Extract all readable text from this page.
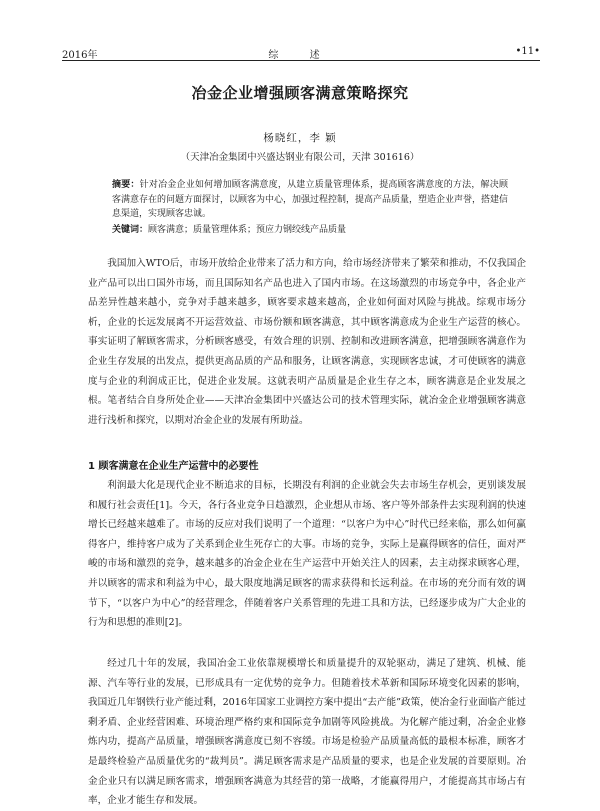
2016年	综 述	•11•
冶金企业增强顾客满意策略探究
杨晓红，李 颖
（天津冶金集团中兴盛达钢业有限公司，天津 301616）
摘要：针对冶金企业如何增加顾客满意度，从建立质量管理体系，提高顾客满意度的方法，解决顾客满意存在的问题方面探讨，以顾客为中心，加强过程控制，提高产品质量，塑造企业声誉，搭建信息渠道，实现顾客忠诚。
关键词：顾客满意；质量管理体系；预应力钢绞线产品质量

我国加入WTO后，市场开放给企业带来了活力和方向，给市场经济带来了繁荣和推动，不仅我国企业产品可以出口国外市场，而且国际知名产品也进入了国内市场。在这场激烈的市场竞争中，各企业产品差异性越来越小，竞争对手越来越多，顾客要求越来越高，企业如何面对风险与挑战。综观市场分析，企业的长远发展离不开运营效益、市场份额和顾客满意，其中顾客满意成为企业生产运营的核心。事实证明了解顾客需求，分析顾客感受，有效合理的识别、控制和改进顾客满意，把增强顾客满意作为企业生存发展的出发点，提供更高品质的产品和服务，让顾客满意，实现顾客忠诚，才可使顾客的满意度与企业的利润成正比，促进企业发展。这就表明产品质量是企业生存之本，顾客满意是企业发展之根。笔者结合自身所处企业——天津冶金集团中兴盛达公司的技术管理实际，就冶金企业增强顾客满意进行浅析和探究，以期对冶金企业的发展有所助益。

1 顾客满意在企业生产运营中的必要性

利润最大化是现代企业不断追求的目标，长期没有利润的企业就会失去市场生存机会，更别谈发展和履行社会责任[1]。今天，各行各业竞争日趋激烈，企业想从市场、客户等外部条件去实现利润的快速增长已经越来越难了。市场的反应对我们说明了一个道理：“以客户为中心”时代已经来临，那么如何赢得客户，维持客户成为了关系到企业生死存亡的大事。市场的竞争，实际上是赢得顾客的信任，面对严峻的市场和激烈的竞争，越来越多的冶金企业在生产运营中开始关注人的因素，去主动探求顾客心理，并以顾客的需求和利益为中心，最大限度地满足顾客的需求获得和长远利益。在市场的充分而有效的调节下，“以客户为中心”的经营理念，伴随着客户关系管理的先进工具和方法，已经逐步成为广大企业的行为和思想的准则[2]。

经过几十年的发展，我国冶金工业依靠规模增长和质量提升的双轮驱动，满足了建筑、机械、能源、汽车等行业的发展，已形成具有一定优势的竞争力。但随着技术革新和国际环境变化因素的影响，我国近几年钢铁行业产能过剩，2016年国家工业调控方案中提出“去产能”政策，使冶金行业面临产能过剩矛盾、企业经营困难、环境治理严格约束和国际竞争加剧等风险挑战。为化解产能过剩，冶金企业修炼内功，提高产品质量，增强顾客满意度已刻不容缓。市场是检验产品质量高低的最根本标准，顾客才是最终检验产品质量优劣的“裁判员”。满足顾客需求是产品质量的要求，也是企业发展的首要原则。冶金企业只有以满足顾客需求，增强顾客满意为其经营的第一战略，才能赢得用户，才能提高其市场占有率，企业才能生存和发展。
